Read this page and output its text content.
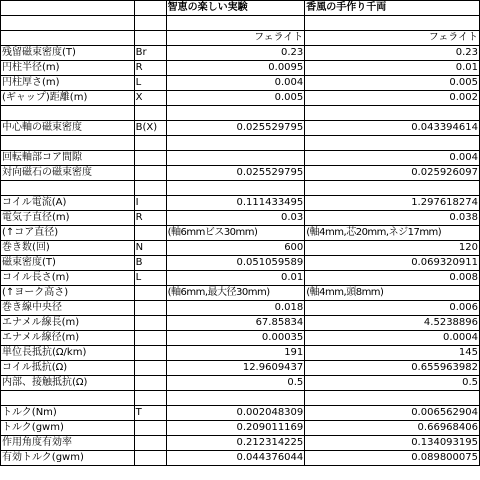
		智恵の楽しい実験	香風の手作り千両

		フェライト	フェライト
残留磁束密度(T)	Br	0.23	0.23
円柱半径(m)	R	0.0095	0.01
円柱厚さ(m)	L	0.004	0.005
(ギャップ)距離(m)	X	0.005	0.002

中心軸の磁束密度	B(X)	0.025529795	0.043394614

回転軸部コア間隙			0.004
対向磁石の磁束密度		0.025529795	0.025926097

コイル電流(A)	I	0.111433495	1.297618274
電気子直径(m)	R	0.03	0.038
(↑コア直径)		(軸6mmビス30mm)	(軸4mm,芯20mm,ネジ17mm)
巻き数(回)	N	600	120
磁束密度(T)	B	0.051059589	0.069320911
コイル長さ(m)	L	0.01	0.008
(↑ヨーク高さ)		(軸6mm,最大径30mm)	(軸4mm,頭8mm)
巻き線中央径		0.018	0.006
エナメル線長(m)		67.85834	4.5238896
エナメル線径(m)		0.00035	0.0004
単位長抵抗(Ω/km)		191	145
コイル抵抗(Ω)		12.9609437	0.655963982
内部、接触抵抗(Ω)		0.5	0.5

トルク(Nm)	T	0.002048309	0.006562904
トルク(gwm)		0.209011169	0.66968406
作用角度有効率		0.212314225	0.134093195
有効トルク(gwm)		0.044376044	0.089800075
